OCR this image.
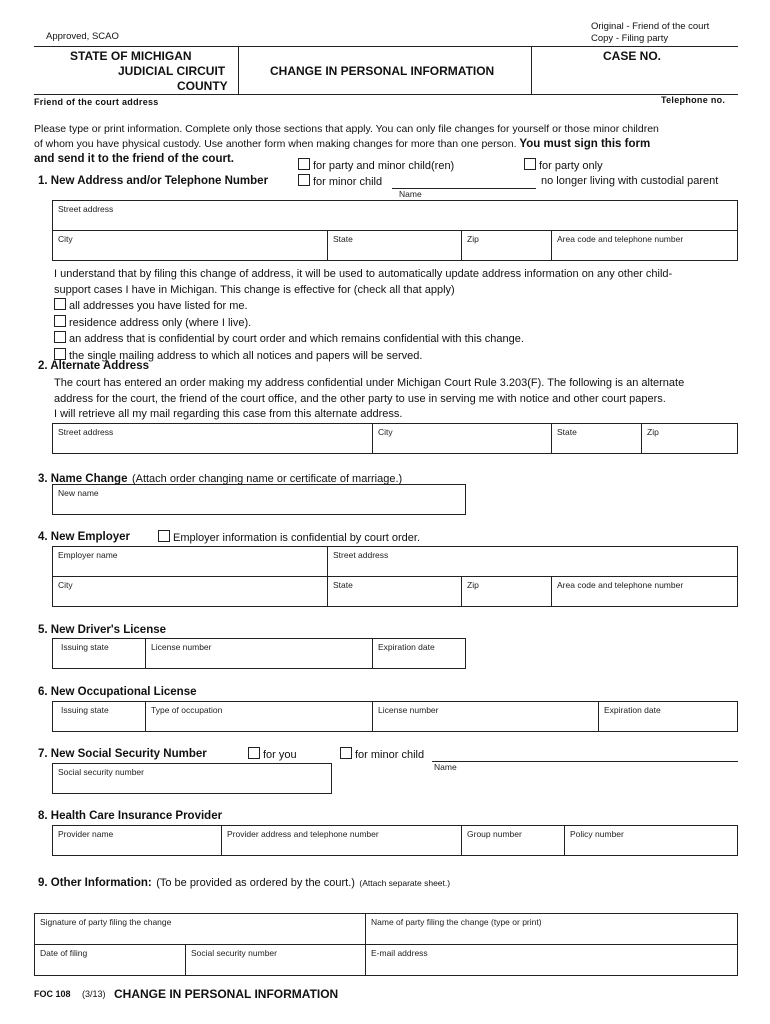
Approved, SCAO
Original - Friend of the court
Copy - Filing party
STATE OF MICHIGAN
JUDICIAL CIRCUIT
COUNTY
CHANGE IN PERSONAL INFORMATION
CASE NO.
Friend of the court address	Telephone no.
Please type or print information. Complete only those sections that apply. You can only file changes for yourself or those minor children
of whom you have physical custody. Use another form when making changes for more than one person. You must sign this form
and send it to the friend of the court.
for party and minor child(ren)	for party only
1. New Address and/or Telephone Number	for minor child	no longer living with custodial parent
Name
Street address
City	State	Zip	Area code and telephone number
I understand that by filing this change of address, it will be used to automatically update address information on any other child-
support cases I have in Michigan. This change is effective for (check all that apply)
all addresses you have listed for me.
residence address only (where I live).
an address that is confidential by court order and which remains confidential with this change.
the single mailing address to which all notices and papers will be served.
2. Alternate Address
The court has entered an order making my address confidential under Michigan Court Rule 3.203(F). The following is an alternate
address for the court, the friend of the court office, and the other party to use in serving me with notice and other court papers.
I will retrieve all my mail regarding this case from this alternate address.
Street address	City	State	Zip
3. Name Change (Attach order changing name or certificate of marriage.)
New name
4. New Employer	Employer information is confidential by court order.
Employer name	Street address
City	State	Zip	Area code and telephone number
5. New Driver's License
Issuing state	License number	Expiration date
6. New Occupational License
Issuing state	Type of occupation	License number	Expiration date
7. New Social Security Number	for you	for minor child
Name
Social security number
8. Health Care Insurance Provider
Provider name	Provider address and telephone number	Group number	Policy number
9. Other Information: (To be provided as ordered by the court.) (Attach separate sheet.)
Signature of party filing the change	Name of party filing the change (type or print)
Date of filing	Social security number	E-mail address
FOC 108 (3/13) CHANGE IN PERSONAL INFORMATION
